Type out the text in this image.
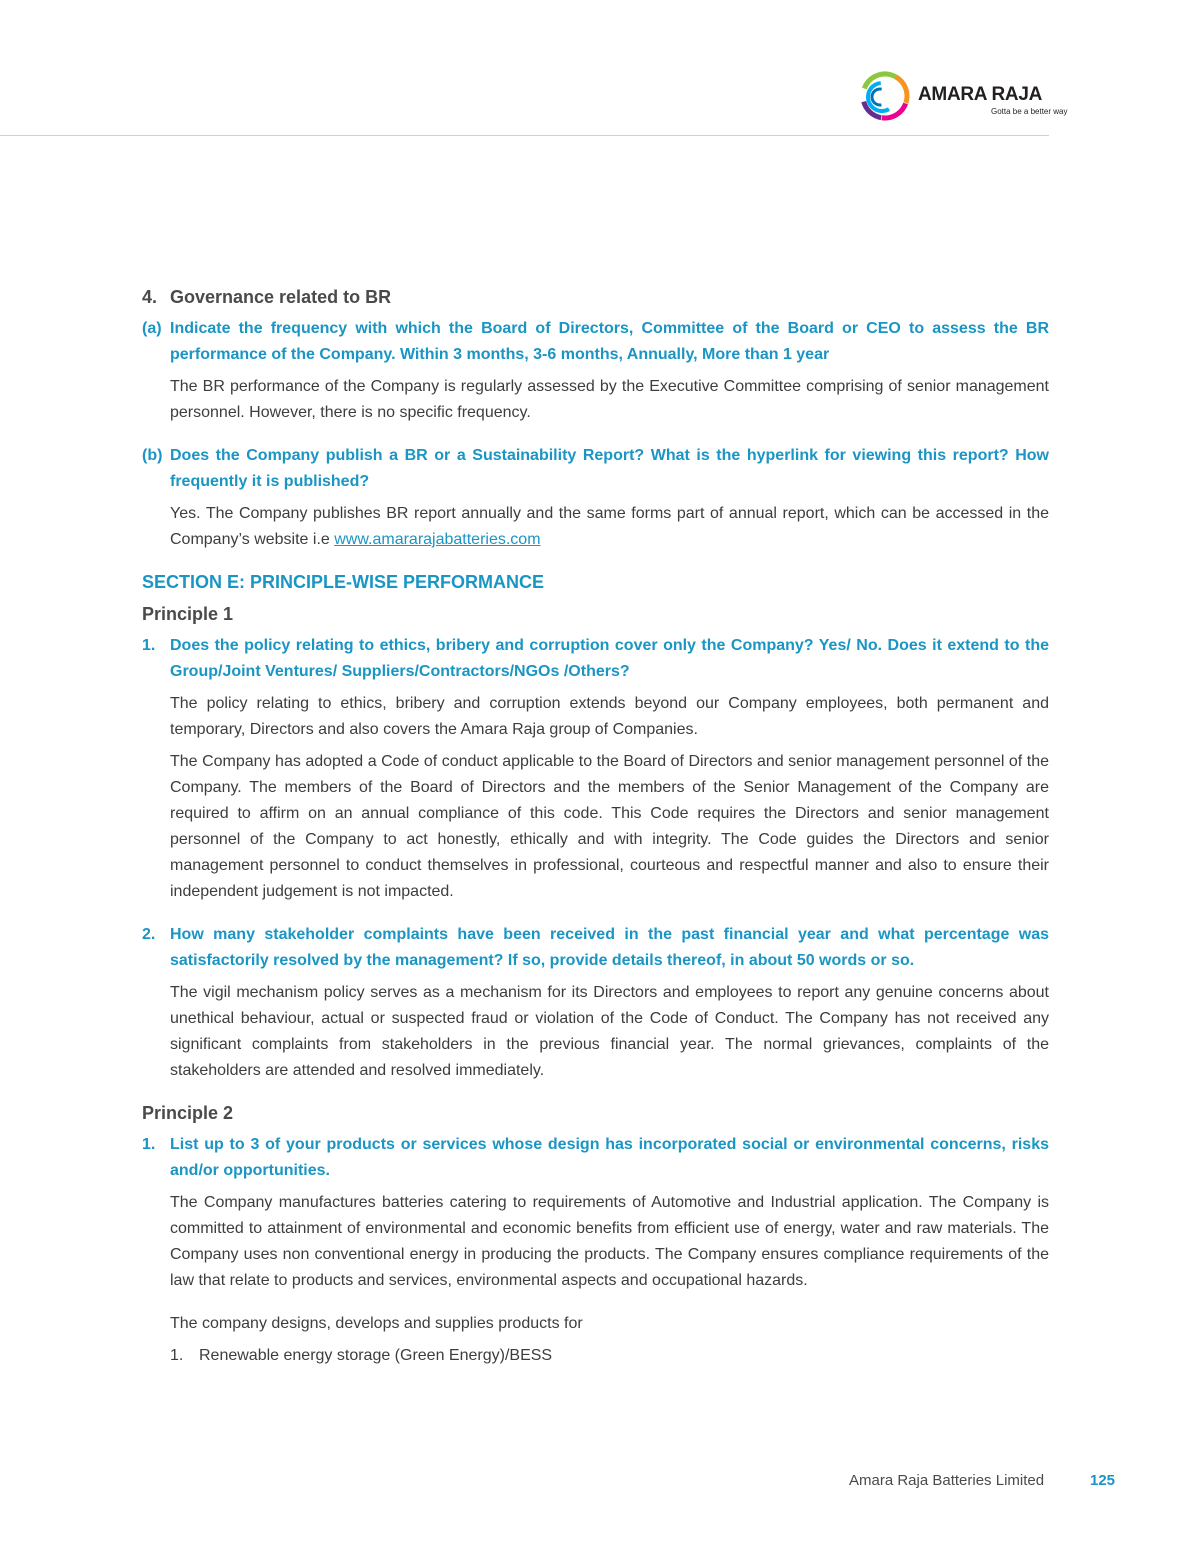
AMARA RAJA
Gotta be a better way
4. Governance related to BR
(a) Indicate the frequency with which the Board of Directors, Committee of the Board or CEO to assess the BR performance of the Company. Within 3 months, 3-6 months, Annually, More than 1 year
The BR performance of the Company is regularly assessed by the Executive Committee comprising of senior management personnel. However, there is no specific frequency.
(b) Does the Company publish a BR or a Sustainability Report? What is the hyperlink for viewing this report? How frequently it is published?
Yes. The Company publishes BR report annually and the same forms part of annual report, which can be accessed in the Company’s website i.e www.amararajabatteries.com
SECTION E: PRINCIPLE-WISE PERFORMANCE
Principle 1
1. Does the policy relating to ethics, bribery and corruption cover only the Company? Yes/ No. Does it extend to the Group/Joint Ventures/ Suppliers/Contractors/NGOs /Others?
The policy relating to ethics, bribery and corruption extends beyond our Company employees, both permanent and temporary, Directors and also covers the Amara Raja group of Companies.
The Company has adopted a Code of conduct applicable to the Board of Directors and senior management personnel of the Company. The members of the Board of Directors and the members of the Senior Management of the Company are required to affirm on an annual compliance of this code. This Code requires the Directors and senior management personnel of the Company to act honestly, ethically and with integrity. The Code guides the Directors and senior management personnel to conduct themselves in professional, courteous and respectful manner and also to ensure their independent judgement is not impacted.
2. How many stakeholder complaints have been received in the past financial year and what percentage was satisfactorily resolved by the management? If so, provide details thereof, in about 50 words or so.
The vigil mechanism policy serves as a mechanism for its Directors and employees to report any genuine concerns about unethical behaviour, actual or suspected fraud or violation of the Code of Conduct. The Company has not received any significant complaints from stakeholders in the previous financial year. The normal grievances, complaints of the stakeholders are attended and resolved immediately.
Principle 2
1. List up to 3 of your products or services whose design has incorporated social or environmental concerns, risks and/or opportunities.
The Company manufactures batteries catering to requirements of Automotive and Industrial application. The Company is committed to attainment of environmental and economic benefits from efficient use of energy, water and raw materials. The Company uses non conventional energy in producing the products. The Company ensures compliance requirements of the law that relate to products and services, environmental aspects and occupational hazards.
The company designs, develops and supplies products for
1. Renewable energy storage (Green Energy)/BESS
Amara Raja Batteries Limited	125
